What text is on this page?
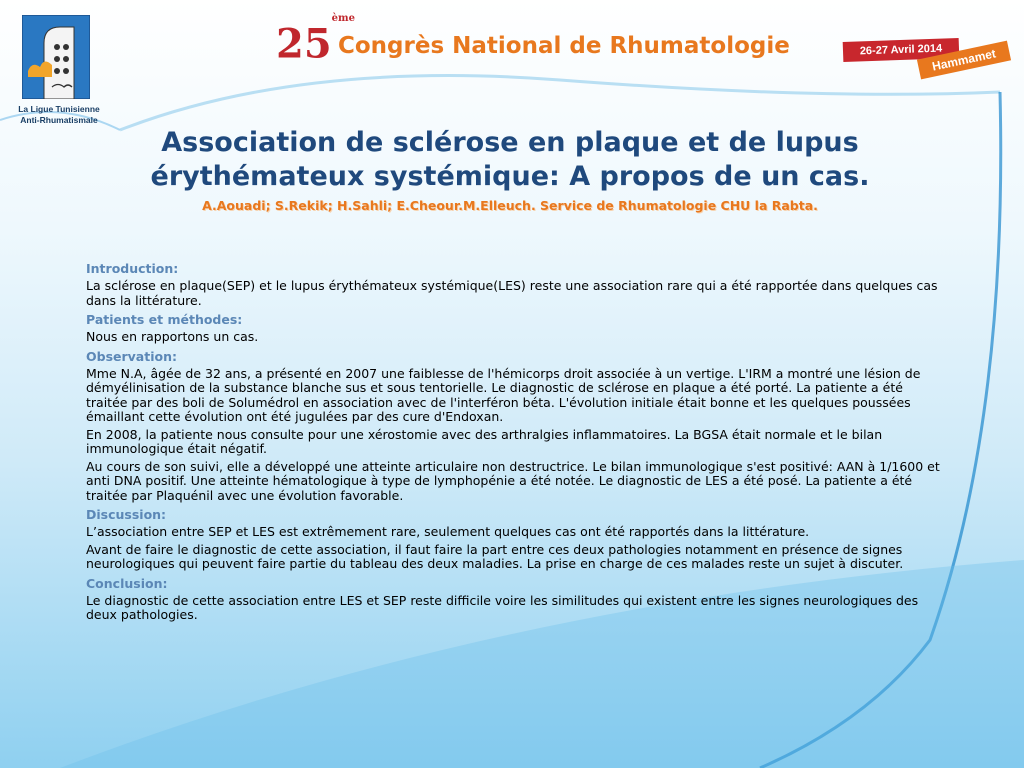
La Ligue Tunisienne
Anti-Rhumatismale
25ème
Congrès National de Rhumatologie	26-27 Avril 2014
Hammamet
Association de sclérose en plaque et de lupus
érythémateux systémique: A propos de un cas.

A.Aouadi; S.Rekik; H.Sahli; E.Cheour.M.Elleuch. Service de Rhumatologie CHU la Rabta.

Introduction:

La sclérose en plaque(SEP) et le lupus érythémateux systémique(LES) reste une association rare qui a été rapportée dans quelques cas dans la littérature.

Patients et méthodes:

Nous en rapportons un cas.

Observation:

Mme N.A, âgée de 32 ans, a présenté en 2007 une faiblesse de l'hémicorps droit associée à un vertige. L'IRM a montré une lésion de démyélinisation de la substance blanche sus et sous tentorielle. Le diagnostic de sclérose en plaque a été porté. La patiente a été traitée par des boli de Solumédrol en association avec de l'interféron béta. L'évolution initiale était bonne et les quelques poussées émaillant cette évolution ont été jugulées par des cure d'Endoxan.

En 2008, la patiente nous consulte pour une xérostomie avec des arthralgies inflammatoires. La BGSA était normale et le bilan immunologique était négatif.

Au cours de son suivi, elle a développé une atteinte articulaire non destructrice. Le bilan immunologique s'est positivé: AAN à 1/1600 et anti DNA positif. Une atteinte hématologique à type de lymphopénie a été notée. Le diagnostic de LES a été posé. La patiente a été traitée par Plaquénil avec une évolution favorable.

Discussion:

L’association entre SEP et LES est extrêmement rare, seulement quelques cas ont été rapportés dans la littérature.

Avant de faire le diagnostic de cette association, il faut faire la part entre ces deux pathologies notamment en présence de signes neurologiques qui peuvent faire partie du tableau des deux maladies. La prise en charge de ces malades reste un sujet à discuter.

Conclusion:

Le diagnostic de cette association entre LES et SEP reste difficile voire les similitudes qui existent entre les signes neurologiques des deux pathologies.
